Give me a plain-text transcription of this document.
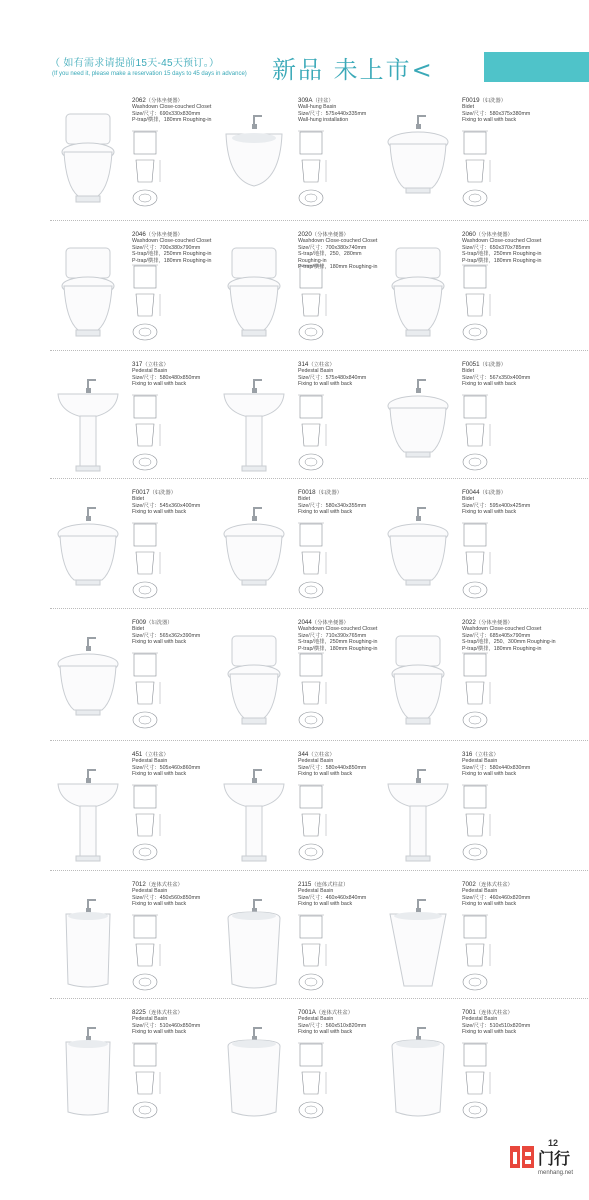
（ 如有需求请提前15天-45天预订。）
(If you need it, please make a reservation 15 days to 45 days in advance) 新品 未上市<
2062（分体坐便器）
Washdown Close-couched Closet
Size/尺寸：690x330x830mm
P-trap/横排，180mm Roughing-in
309A（挂盆）
Wall-hung Basin
Size/尺寸：575x440x335mm
Wall-hung installation
F0019（妇洗器）
Bidet
Size/尺寸：580x375x380mm
Fixing to wall with back
2046（分体坐便器）
Washdown Close-couched Closet
Size/尺寸：700x380x790mm
S-trap/地排，250mm Roughing-in
P-trap/横排，180mm Roughing-in
2020（分体坐便器）
Washdown Close-couched Closet
Size/尺寸：700x380x740mm
S-trap/地排，250、280mm
Roughing-in
P-trap/横排，180mm Roughing-in
2060（分体坐便器）
Washdown Close-couched Closet
Size/尺寸：650x370x785mm
S-trap/地排，250mm Roughing-in
P-trap/横排，180mm Roughing-in
317（立柱盆）
Pedestal Basin
Size/尺寸：580x480x850mm
Fixing to wall with back
314（立柱盆）
Pedestal Basin
Size/尺寸：575x480x840mm
Fixing to wall with back
F0051（妇洗器）
Bidet
Size/尺寸：567x350x400mm
Fixing to wall with back
F0017（妇洗器）
Bidet
Size/尺寸：545x360x400mm
Fixing to wall with back
F0018（妇洗器）
Bidet
Size/尺寸：580x340x355mm
Fixing to wall with back
F0044（妇洗器）
Bidet
Size/尺寸：595x400x425mm
Fixing to wall with back
F009（妇洗器）
Bidet
Size/尺寸：565x362x390mm
Fixing to wall with back
2044（分体坐便器）
Washdown Close-couched Closet
Size/尺寸：710x390x765mm
S-trap/地排，250mm Roughing-in
P-trap/横排，180mm Roughing-in
2022（分体坐便器）
Washdown Close-couched Closet
Size/尺寸：685x405x790mm
S-trap/地排，250、300mm Roughing-in
P-trap/横排，180mm Roughing-in
451（立柱盆）
Pedestal Basin
Size/尺寸：505x460x860mm
Fixing to wall with back
344（立柱盆）
Pedestal Basin
Size/尺寸：580x440x850mm
Fixing to wall with back
316（立柱盆）
Pedestal Basin
Size/尺寸：580x440x830mm
Fixing to wall with back
7012（连体式柱盆）
Pedestal Basin
Size/尺寸：450x560x850mm
Fixing to wall with back
2115（连体式柱盆）
Pedestal Basin
Size/尺寸：460x460x840mm
Fixing to wall with back
7002（连体式柱盆）
Pedestal Basin
Size/尺寸：460x460x820mm
Fixing to wall with back
8225（连体式柱盆）
Pedestal Basin
Size/尺寸：510x460x850mm
Fixing to wall with back
7001A（连体式柱盆）
Pedestal Basin
Size/尺寸：560x510x820mm
Fixing to wall with back
7001（连体式柱盆）
Pedestal Basin
Size/尺寸：510x510x820mm
Fixing to wall with back
12
门行
menhang.net
